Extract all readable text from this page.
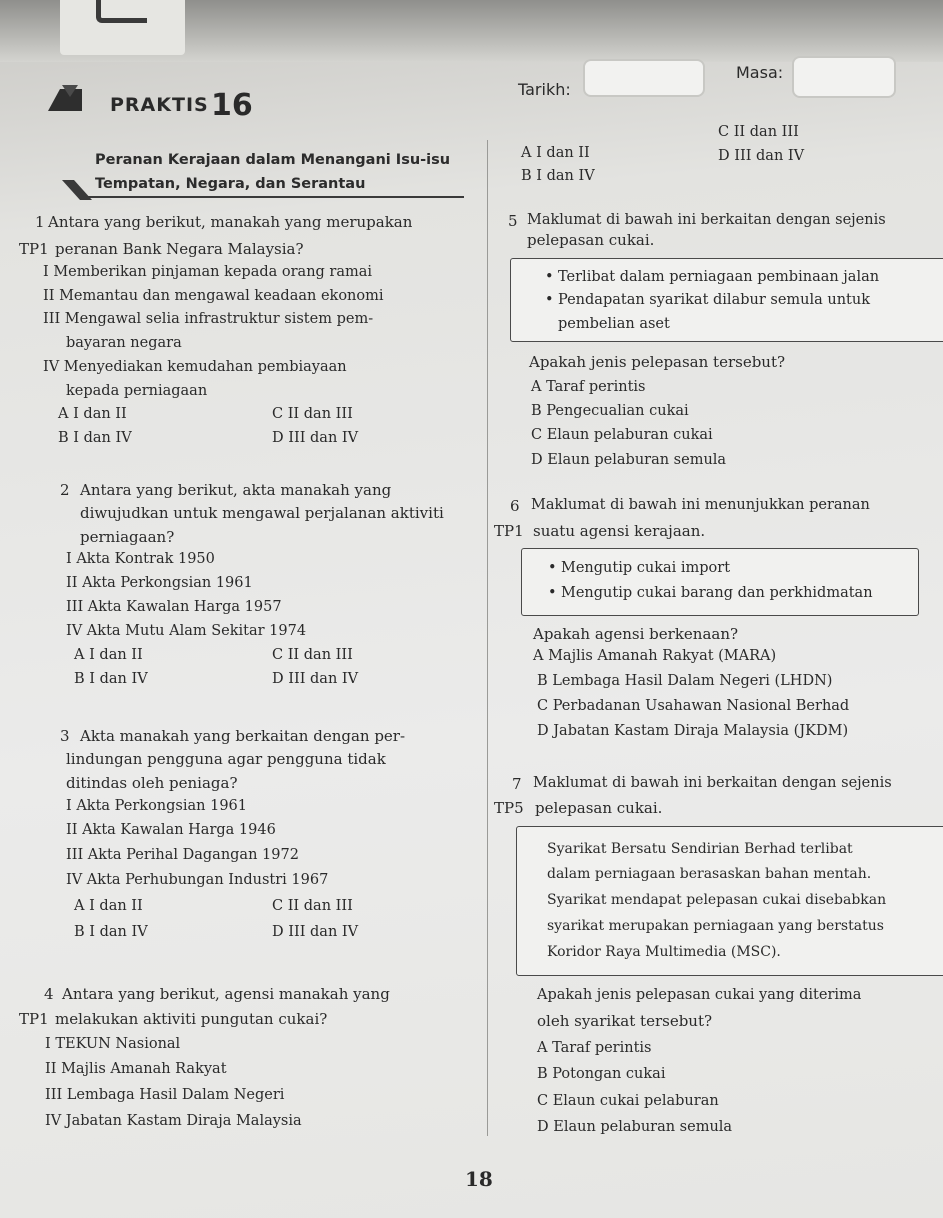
PRAKTIS 16	Tarikh:
Masa:
Peranan Kerajaan dalam Menangani Isu-isu
Tempatan, Negara, dan Serantau
1 Antara yang berikut, manakah yang merupakan
TP1 peranan Bank Negara Malaysia?
I Memberikan pinjaman kepada orang ramai
II Memantau dan mengawal keadaan ekonomi
III Mengawal selia infrastruktur sistem pem-
bayaran negara
IV Menyediakan kemudahan pembiayaan
kepada perniagaan
A I dan II
B I dan IV
C II dan III
D III dan IV
2 Antara yang berikut, akta manakah yang
diwujudkan untuk mengawal perjalanan aktiviti
perniagaan?
I Akta Kontrak 1950
II Akta Perkongsian 1961
III Akta Kawalan Harga 1957
IV Akta Mutu Alam Sekitar 1974
A I dan II
B I dan IV
C II dan III
D III dan IV
3 Akta manakah yang berkaitan dengan per-
lindungan pengguna agar pengguna tidak
ditindas oleh peniaga?
I Akta Perkongsian 1961
II Akta Kawalan Harga 1946
III Akta Perihal Dagangan 1972
IV Akta Perhubungan Industri 1967
A I dan II
B I dan IV
C II dan III
D III dan IV
4 Antara yang berikut, agensi manakah yang
TP1 melakukan aktiviti pungutan cukai?
I TEKUN Nasional
II Majlis Amanah Rakyat
III Lembaga Hasil Dalam Negeri
IV Jabatan Kastam Diraja Malaysia
A I dan II
B I dan IV
C II dan III
D III dan IV
5 Maklumat di bawah ini berkaitan dengan sejenis
pelepasan cukai.
• Terlibat dalam perniagaan pembinaan jalan
• Pendapatan syarikat dilabur semula untuk
pembelian aset
Apakah jenis pelepasan tersebut?
A Taraf perintis
B Pengecualian cukai
C Elaun pelaburan cukai
D Elaun pelaburan semula
6 Maklumat di bawah ini menunjukkan peranan
TP1 suatu agensi kerajaan.
• Mengutip cukai import
• Mengutip cukai barang dan perkhidmatan
Apakah agensi berkenaan?
A Majlis Amanah Rakyat (MARA)
B Lembaga Hasil Dalam Negeri (LHDN)
C Perbadanan Usahawan Nasional Berhad
D Jabatan Kastam Diraja Malaysia (JKDM)
7 Maklumat di bawah ini berkaitan dengan sejenis
TP5 pelepasan cukai.
Syarikat Bersatu Sendirian Berhad terlibat
dalam perniagaan berasaskan bahan mentah.
Syarikat mendapat pelepasan cukai disebabkan
syarikat merupakan perniagaan yang berstatus
Koridor Raya Multimedia (MSC).
Apakah jenis pelepasan cukai yang diterima
oleh syarikat tersebut?
A Taraf perintis
B Potongan cukai
C Elaun cukai pelaburan
D Elaun pelaburan semula
18
